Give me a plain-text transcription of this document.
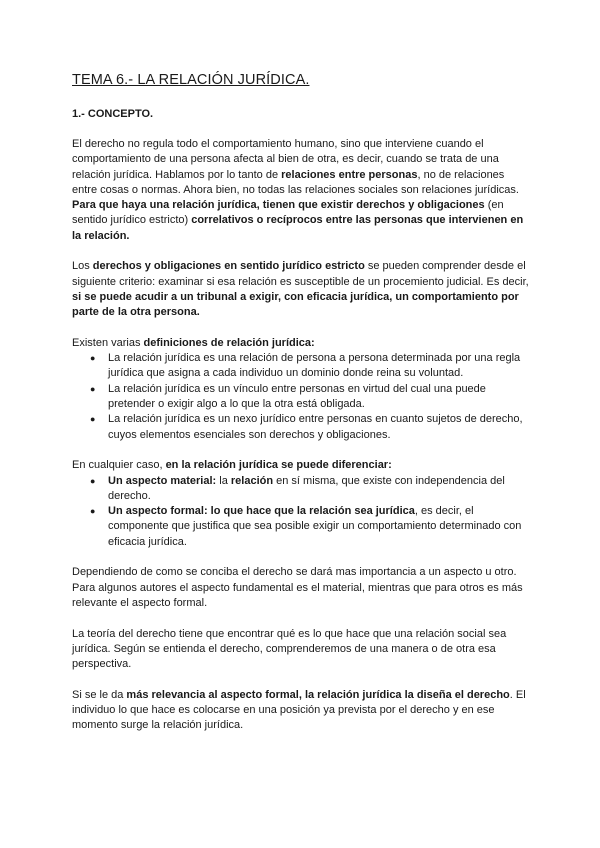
TEMA 6.- LA RELACIÓN JURÍDICA.
1.- CONCEPTO.

El derecho no regula todo el comportamiento humano, sino que interviene cuando el comportamiento de una persona afecta al bien de otra, es decir, cuando se trata de una relación jurídica. Hablamos por lo tanto de relaciones entre personas, no de relaciones entre cosas o normas. Ahora bien, no todas las relaciones sociales son relaciones jurídicas. Para que haya una relación jurídica, tienen que existir derechos y obligaciones (en sentido jurídico estricto) correlativos o recíprocos entre las personas que intervienen en la relación.

Los derechos y obligaciones en sentido jurídico estricto se pueden comprender desde el siguiente criterio: examinar si esa relación es susceptible de un procemiento judicial. Es decir, si se puede acudir a un tribunal a exigir, con eficacia jurídica, un comportamiento por parte de la otra persona.

Existen varias definiciones de relación jurídica:

● La relación jurídica es una relación de persona a persona determinada por una regla jurídica que asigna a cada individuo un dominio donde reina su voluntad.
● La relación jurídica es un vínculo entre personas en virtud del cual una puede pretender o exigir algo a lo que la otra está obligada.
● La relación jurídica es un nexo jurídico entre personas en cuanto sujetos de derecho, cuyos elementos esenciales son derechos y obligaciones.

En cualquier caso, en la relación jurídica se puede diferenciar:

● Un aspecto material: la relación en sí misma, que existe con independencia del derecho.
● Un aspecto formal: lo que hace que la relación sea jurídica, es decir, el componente que justifica que sea posible exigir un comportamiento determinado con eficacia jurídica.

Dependiendo de como se conciba el derecho se dará mas importancia a un aspecto u otro. Para algunos autores el aspecto fundamental es el material, mientras que para otros es más relevante el aspecto formal.

La teoría del derecho tiene que encontrar qué es lo que hace que una relación social sea jurídica. Según se entienda el derecho, comprenderemos de una manera o de otra esa perspectiva.

Si se le da más relevancia al aspecto formal, la relación jurídica la diseña el derecho. El individuo lo que hace es colocarse en una posición ya prevista por el derecho y en ese momento surge la relación jurídica.
